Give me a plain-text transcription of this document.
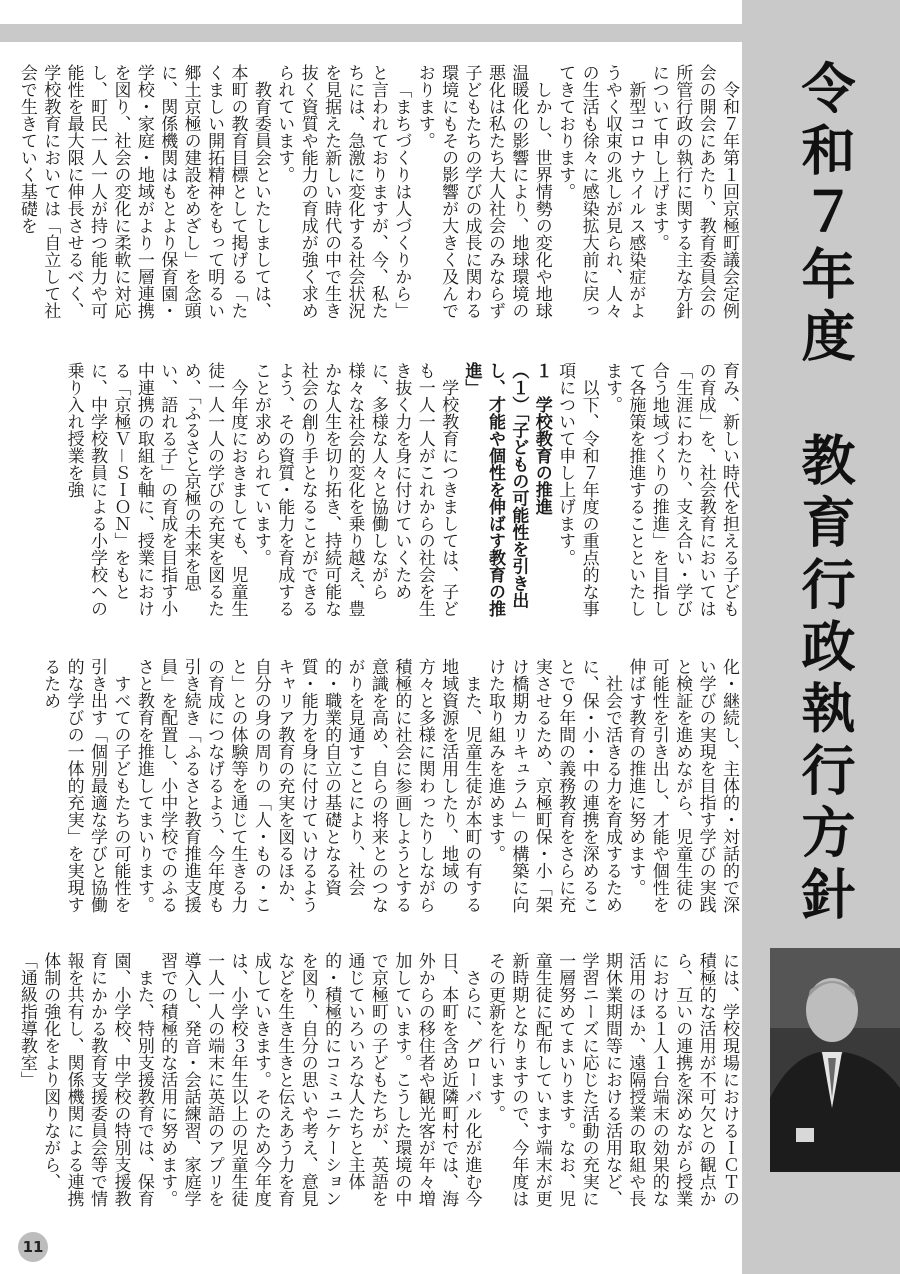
令和７年度　教育行政執行方針

令和７年第１回京極町議会定例会の開会にあたり、教育委員会の所管行政の執行に関する主な方針について申し上げます。

新型コロナウイルス感染症がようやく収束の兆しが見られ、人々の生活も徐々に感染拡大前に戻ってきております。

しかし、世界情勢の変化や地球温暖化の影響により、地球環境の悪化は私たち大人社会のみならず子どもたちの学びの成長に関わる環境にもその影響が大きく及んでおります。

「まちづくりは人づくりから」と言われておりますが、今、私たちには、急激に変化する社会状況を見据えた新しい時代の中で生き抜く資質や能力の育成が強く求められています。

教育委員会といたしましては、本町の教育目標として掲げる「たくましい開拓精神をもって明るい郷土京極の建設をめざし」を念頭に、関係機関はもとより保育園・学校・家庭・地域がより一層連携を図り、社会の変化に柔軟に対応し、町民一人一人が持つ能力や可能性を最大限に伸長させるべく、学校教育においては「自立して社会で生きていく基礎を

育み、新しい時代を担える子どもの育成」を、社会教育においては「生涯にわたり、支え合い・学び合う地域づくりの推進」を目指して各施策を推進することといたします。

以下、令和７年度の重点的な事項について申し上げます。

１　学校教育の推進

（１）「子どもの可能性を引き出し、才能や個性を伸ばす教育の推進」

学校教育につきましては、子ども一人一人がこれからの社会を生き抜く力を身に付けていくために、多様な人々と協働しながら様々な社会的変化を乗り越え、豊かな人生を切り拓き、持続可能な社会の創り手となることができるよう、その資質・能力を育成することが求められています。

今年度におきましても、児童生徒一人一人の学びの充実を図るため、「ふるさと京極の未来を思い、語れる子」の育成を目指す小中連携の取組を軸に、授業における「京極Ｖ－ＳＩＯＮ」をもとに、中学校教員による小学校への乗り入れ授業を強

化・継続し、主体的・対話的で深い学びの実現を目指す学びの実践と検証を進めながら、児童生徒の可能性を引き出し、才能や個性を伸ばす教育の推進に努めます。

社会で活きる力を育成するために、保・小・中の連携を深めることで９年間の義務教育をさらに充実させるため、京極町保・小「架け橋期カリキュラム」の構築に向けた取り組みを進めます。

また、児童生徒が本町の有する地域資源を活用したり、地域の方々と多様に関わったりしながら積極的に社会に参画しようとする意識を高め、自らの将来とのつながりを見通すことにより、社会的・職業的自立の基礎となる資質・能力を身に付けていけるようキャリア教育の充実を図るほか、自分の身の周りの「人・もの・こと」との体験等を通じて生きる力の育成につなげるよう、今年度も引き続き「ふるさと教育推進支援員」を配置し、小中学校でのふるさと教育を推進してまいります。

すべての子どもたちの可能性を引き出す「個別最適な学びと協働的な学びの一体的充実」を実現するため

には、学校現場におけるＩＣＴの積極的な活用が不可欠との観点から、互いの連携を深めながら授業における１人１台端末の効果的な活用のほか、遠隔授業の取組や長期休業期間等における活用など、学習ニーズに応じた活動の充実に一層努めてまいります。なお、児童生徒に配布しています端末が更新時期となりますので、今年度はその更新を行います。

さらに、グローバル化が進む今日、本町を含め近隣町村では、海外からの移住者や観光客が年々増加しています。こうした環境の中で京極町の子どもたちが、英語を通じていろいろな人たちと主体的・積極的にコミュニケーションを図り、自分の思いや考え、意見などを生き生きと伝えあう力を育成していきます。そのため今年度は、小学校３年生以上の児童生徒一人一人の端末に英語のアプリを導入し、発音・会話練習、家庭学習での積極的な活用に努めます。

また、特別支援教育では、保育園、小学校、中学校の特別支援教育にかかる教育支援委員会等で情報を共有し、関係機関による連携体制の強化をより図りながら、「通級指導教室」

11
